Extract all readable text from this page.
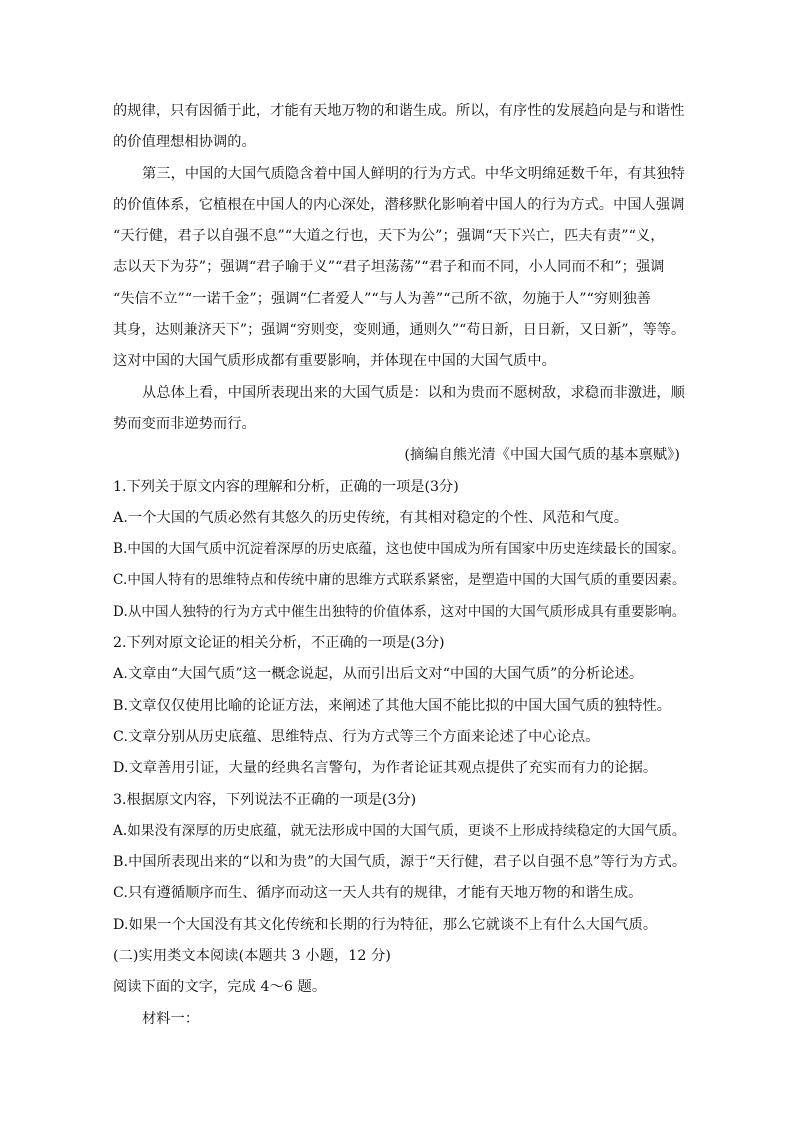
的规律，只有因循于此，才能有天地万物的和谐生成。所以，有序性的发展趋向是与和谐性
的价值理想相协调的。
第三，中国的大国气质隐含着中国人鲜明的行为方式。中华文明绵延数千年，有其独特
的价值体系，它植根在中国人的内心深处，潜移默化影响着中国人的行为方式。中国人强调
“天行健，君子以自强不息”“大道之行也，天下为公”；强调“天下兴亡，匹夫有责”“义，
志以天下为芬”；强调“君子喻于义”“君子坦荡荡”“君子和而不同，小人同而不和”；强调
“失信不立”“一诺千金”；强调“仁者爱人”“与人为善”“己所不欲，勿施于人”“穷则独善
其身，达则兼济天下”；强调“穷则变，变则通，通则久”“苟日新，日日新，又日新”，等等。
这对中国的大国气质形成都有重要影响，并体现在中国的大国气质中。
从总体上看，中国所表现出来的大国气质是：以和为贵而不愿树敌，求稳而非激进，顺
势而变而非逆势而行。
(摘编自熊光清《中国大国气质的基本禀赋》)
1.下列关于原文内容的理解和分析，正确的一项是(3分)
A.一个大国的气质必然有其悠久的历史传统，有其相对稳定的个性、风范和气度。
B.中国的大国气质中沉淀着深厚的历史底蕴，这也使中国成为所有国家中历史连续最长的国家。
C.中国人特有的思维特点和传统中庸的思维方式联系紧密，是塑造中国的大国气质的重要因素。
D.从中国人独特的行为方式中催生出独特的价值体系，这对中国的大国气质形成具有重要影响。
2.下列对原文论证的相关分析，不正确的一项是(3分)
A.文章由“大国气质”这一概念说起，从而引出后文对“中国的大国气质”的分析论述。
B.文章仅仅使用比喻的论证方法，来阐述了其他大国不能比拟的中国大国气质的独特性。
C.文章分别从历史底蕴、思维特点、行为方式等三个方面来论述了中心论点。
D.文章善用引证，大量的经典名言警句，为作者论证其观点提供了充实而有力的论据。
3.根据原文内容，下列说法不正确的一项是(3分)
A.如果没有深厚的历史底蕴，就无法形成中国的大国气质，更谈不上形成持续稳定的大国气质。
B.中国所表现出来的“以和为贵”的大国气质，源于“天行健，君子以自强不息”等行为方式。
C.只有遵循顺序而生、循序而动这一天人共有的规律，才能有天地万物的和谐生成。
D.如果一个大国没有其文化传统和长期的行为特征，那么它就谈不上有什么大国气质。
(二)实用类文本阅读(本题共 3 小题，12 分)
阅读下面的文字，完成 4～6 题。
材料一：
